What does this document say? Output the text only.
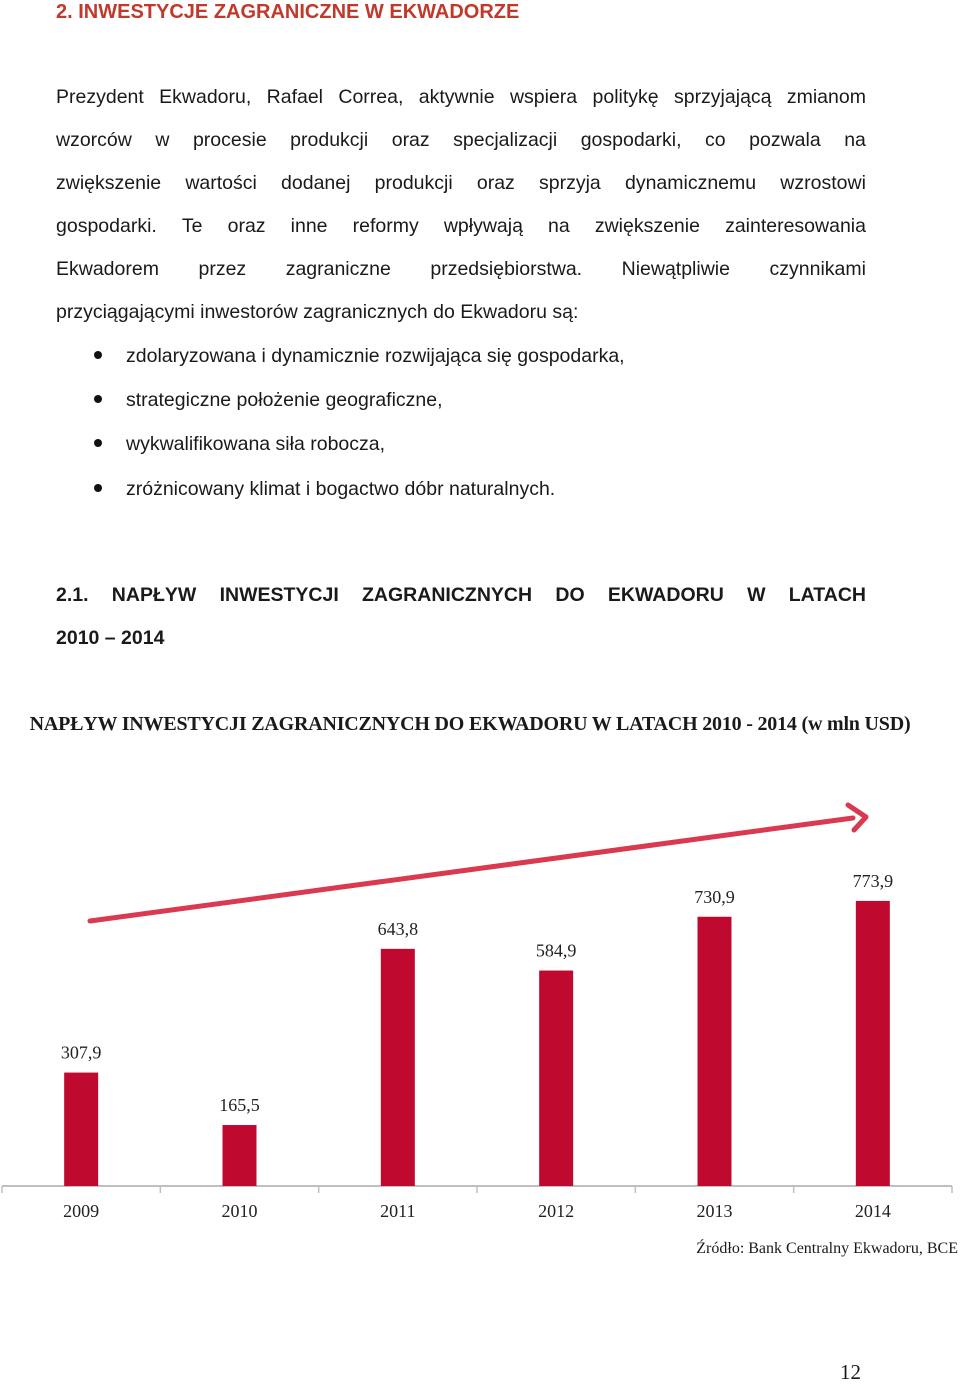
2. INWESTYCJE ZAGRANICZNE W EKWADORZE
Prezydent Ekwadoru, Rafael Correa, aktywnie wspiera politykę sprzyjającą zmianom
wzorców w procesie produkcji oraz specjalizacji gospodarki, co pozwala na
zwiększenie wartości dodanej produkcji oraz sprzyja dynamicznemu wzrostowi
gospodarki. Te oraz inne reformy wpływają na zwiększenie zainteresowania
Ekwadorem przez zagraniczne przedsiębiorstwa. Niewątpliwie czynnikami
przyciągającymi inwestorów zagranicznych do Ekwadoru są:
zdolaryzowana i dynamicznie rozwijająca się gospodarka,
strategiczne położenie geograficzne,
wykwalifikowana siła robocza,
zróżnicowany klimat i bogactwo dóbr naturalnych.
2.1. NAPŁYW INWESTYCJI ZAGRANICZNYCH DO EKWADORU W LATACH
2010 – 2014
NAPŁYW INWESTYCJI ZAGRANICZNYCH DO EKWADORU W LATACH 2010 - 2014 (w mln USD)
307,9
2009
165,5
2010
643,8
2011
584,9
2012
730,9
2013
773,9
2014
Źródło: Bank Centralny Ekwadoru, BCE
12
